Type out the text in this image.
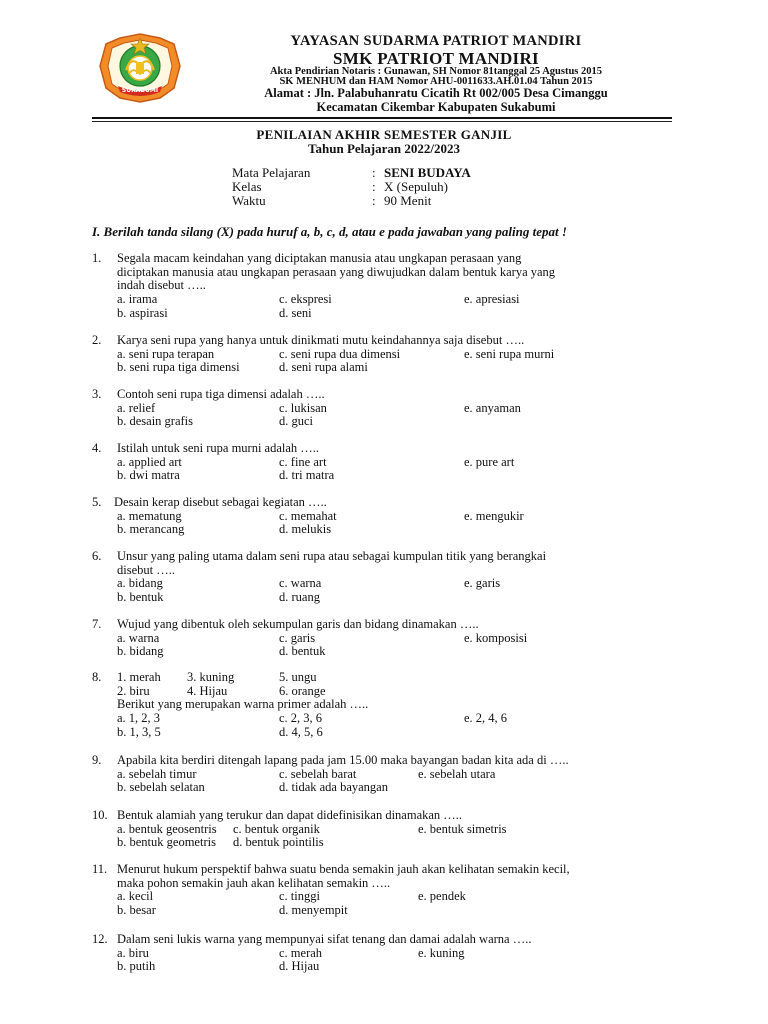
SUKABUMI
YAYASAN SUDARMA PATRIOT MANDIRI
SMK PATRIOT MANDIRI
Akta Pendirian Notaris : Gunawan, SH Nomor 81tanggal 25 Agustus 2015
SK MENHUM dan HAM Nomor AHU-0011633.AH.01.04 Tahun 2015
Alamat : Jln. Palabuhanratu Cicatih Rt 002/005 Desa Cimanggu
Kecamatan Cikembar Kabupaten Sukabumi
PENILAIAN AKHIR SEMESTER GANJIL
Tahun Pelajaran 2022/2023
Mata Pelajaran	: SENI BUDAYA
Kelas	: X (Sepuluh)
Waktu	: 90 Menit
I. Berilah tanda silang (X) pada huruf a, b, c, d, atau e pada jawaban yang paling tepat !
1. Segala macam keindahan yang diciptakan manusia atau ungkapan perasaan yang
diciptakan manusia atau ungkapan perasaan yang diwujudkan dalam bentuk karya yang
indah disebut …..
a. irama	c. ekspresi	e. apresiasi
b. aspirasi	d. seni
2. Karya seni rupa yang hanya untuk dinikmati mutu keindahannya saja disebut …..
a. seni rupa terapan	c. seni rupa dua dimensi	e. seni rupa murni
b. seni rupa tiga dimensi	d. seni rupa alami
3. Contoh seni rupa tiga dimensi adalah …..
a. relief	c. lukisan	e. anyaman
b. desain grafis	d. guci
4. Istilah untuk seni rupa murni adalah …..
a. applied art	c. fine art	e. pure art
b. dwi matra	d. tri matra
5. Desain kerap disebut sebagai kegiatan …..
a. mematung	c. memahat	e. mengukir
b. merancang	d. melukis
6. Unsur yang paling utama dalam seni rupa atau sebagai kumpulan titik yang berangkai
disebut …..
a. bidang	c. warna	e. garis
b. bentuk	d. ruang
7. Wujud yang dibentuk oleh sekumpulan garis dan bidang dinamakan …..
a. warna	c. garis	e. komposisi
b. bidang	d. bentuk
8. 1. merah 3. kuning	5. ungu
2. biru	4. Hijau	6. orange
Berikut yang merupakan warna primer adalah …..
a. 1, 2, 3	c. 2, 3, 6	e. 2, 4, 6
b. 1, 3, 5	d. 4, 5, 6
9. Apabila kita berdiri ditengah lapang pada jam 15.00 maka bayangan badan kita ada di …..
a. sebelah timur	c. sebelah barat	e. sebelah utara
b. sebelah selatan	d. tidak ada bayangan
10. Bentuk alamiah yang terukur dan dapat didefinisikan dinamakan …..
a. bentuk geosentris c. bentuk organik	e. bentuk simetris
b. bentuk geometris d. bentuk pointilis
11. Menurut hukum perspektif bahwa suatu benda semakin jauh akan kelihatan semakin kecil,
maka pohon semakin jauh akan kelihatan semakin …..
a. kecil	c. tinggi	e. pendek
b. besar	d. menyempit
12. Dalam seni lukis warna yang mempunyai sifat tenang dan damai adalah warna …..
a. biru	c. merah	e. kuning
b. putih	d. Hijau
